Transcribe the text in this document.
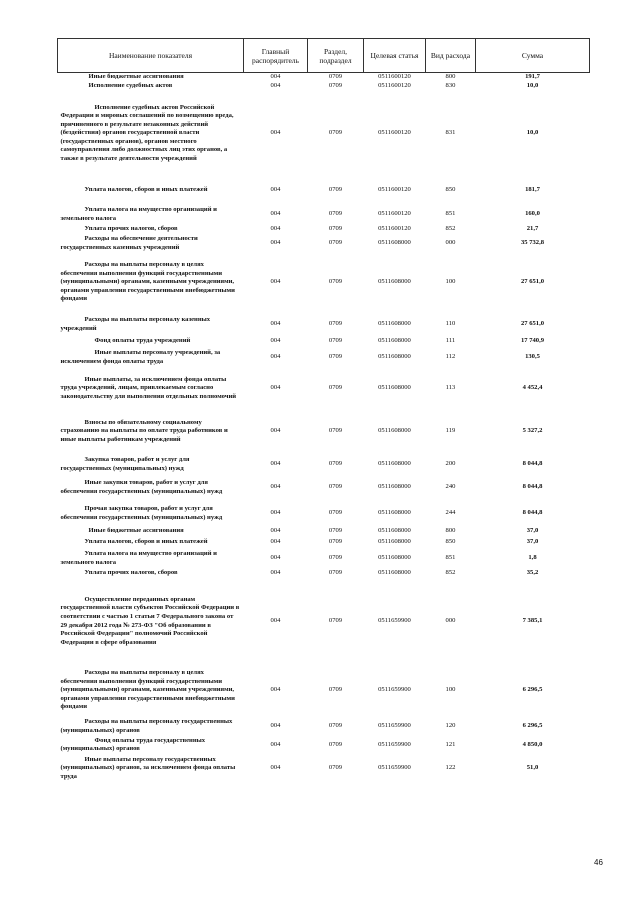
Наименование показателя	Главный распорядитель	Раздел, подраздел	Целевая статья	Вид расхода	Сумма
Иные бюджетные ассигнования	004	0709	0511600120	800	191,7
Исполнение судебных актов	004	0709	0511600120	830	10,0
Исполнение судебных актов Российской Федерации и мировых соглашений по возмещению вреда, причиненного в результате незаконных действий (бездействия) органов государственной власти (государственных органов), органов местного самоуправления либо должностных лиц этих органов, а также в результате деятельности учреждений	004	0709	0511600120	831	10,0
Уплата налогов, сборов и иных платежей	004	0709	0511600120	850	181,7
Уплата налога на имущество организаций и земельного налога	004	0709	0511600120	851	160,0
Уплата прочих налогов, сборов	004	0709	0511600120	852	21,7
Расходы на обеспечение деятельности государственных казенных учреждений	004	0709	0511608000	000	35 732,8
Расходы на выплаты персоналу в целях обеспечения выполнения функций государственными (муниципальными) органами, казенными учреждениями, органами управления государственными внебюджетными фондами	004	0709	0511608000	100	27 651,0
Расходы на выплаты персоналу казенных учреждений	004	0709	0511608000	110	27 651,0
Фонд оплаты труда учреждений	004	0709	0511608000	111	17 740,9
Иные выплаты персоналу учреждений, за исключением фонда оплаты труда	004	0709	0511608000	112	130,5
Иные выплаты, за исключением фонда оплаты труда учреждений, лицам, привлекаемым согласно законодательству для выполнения отдельных полномочий	004	0709	0511608000	113	4 452,4
Взносы по обязательному социальному страхованию на выплаты по оплате труда работников и иные выплаты работникам учреждений	004	0709	0511608000	119	5 327,2
Закупка товаров, работ и услуг для государственных (муниципальных) нужд	004	0709	0511608000	200	8 044,8
Иные закупки товаров, работ и услуг для обеспечения государственных (муниципальных) нужд	004	0709	0511608000	240	8 044,8
Прочая закупка товаров, работ и услуг для обеспечения государственных (муниципальных) нужд	004	0709	0511608000	244	8 044,8
Иные бюджетные ассигнования	004	0709	0511608000	800	37,0
Уплата налогов, сборов и иных платежей	004	0709	0511608000	850	37,0
Уплата налога на имущество организаций и земельного налога	004	0709	0511608000	851	1,8
Уплата прочих налогов, сборов	004	0709	0511608000	852	35,2
Осуществление переданных органам государственной власти субъектов Российской Федерации в соответствии с частью 1 статьи 7 Федерального закона от 29 декабря 2012 года № 273-ФЗ "Об образовании в Российской Федерации" полномочий Российской Федерации в сфере образования	004	0709	0511659900	000	7 385,1
Расходы на выплаты персоналу в целях обеспечения выполнения функций государственными (муниципальными) органами, казенными учреждениями, органами управления государственными внебюджетными фондами	004	0709	0511659900	100	6 296,5
Расходы на выплаты персоналу государственных (муниципальных) органов	004	0709	0511659900	120	6 296,5
Фонд оплаты труда государственных (муниципальных) органов	004	0709	0511659900	121	4 850,0
Иные выплаты персоналу государственных (муниципальных) органов, за исключением фонда оплаты труда	004	0709	0511659900	122	51,0
46
